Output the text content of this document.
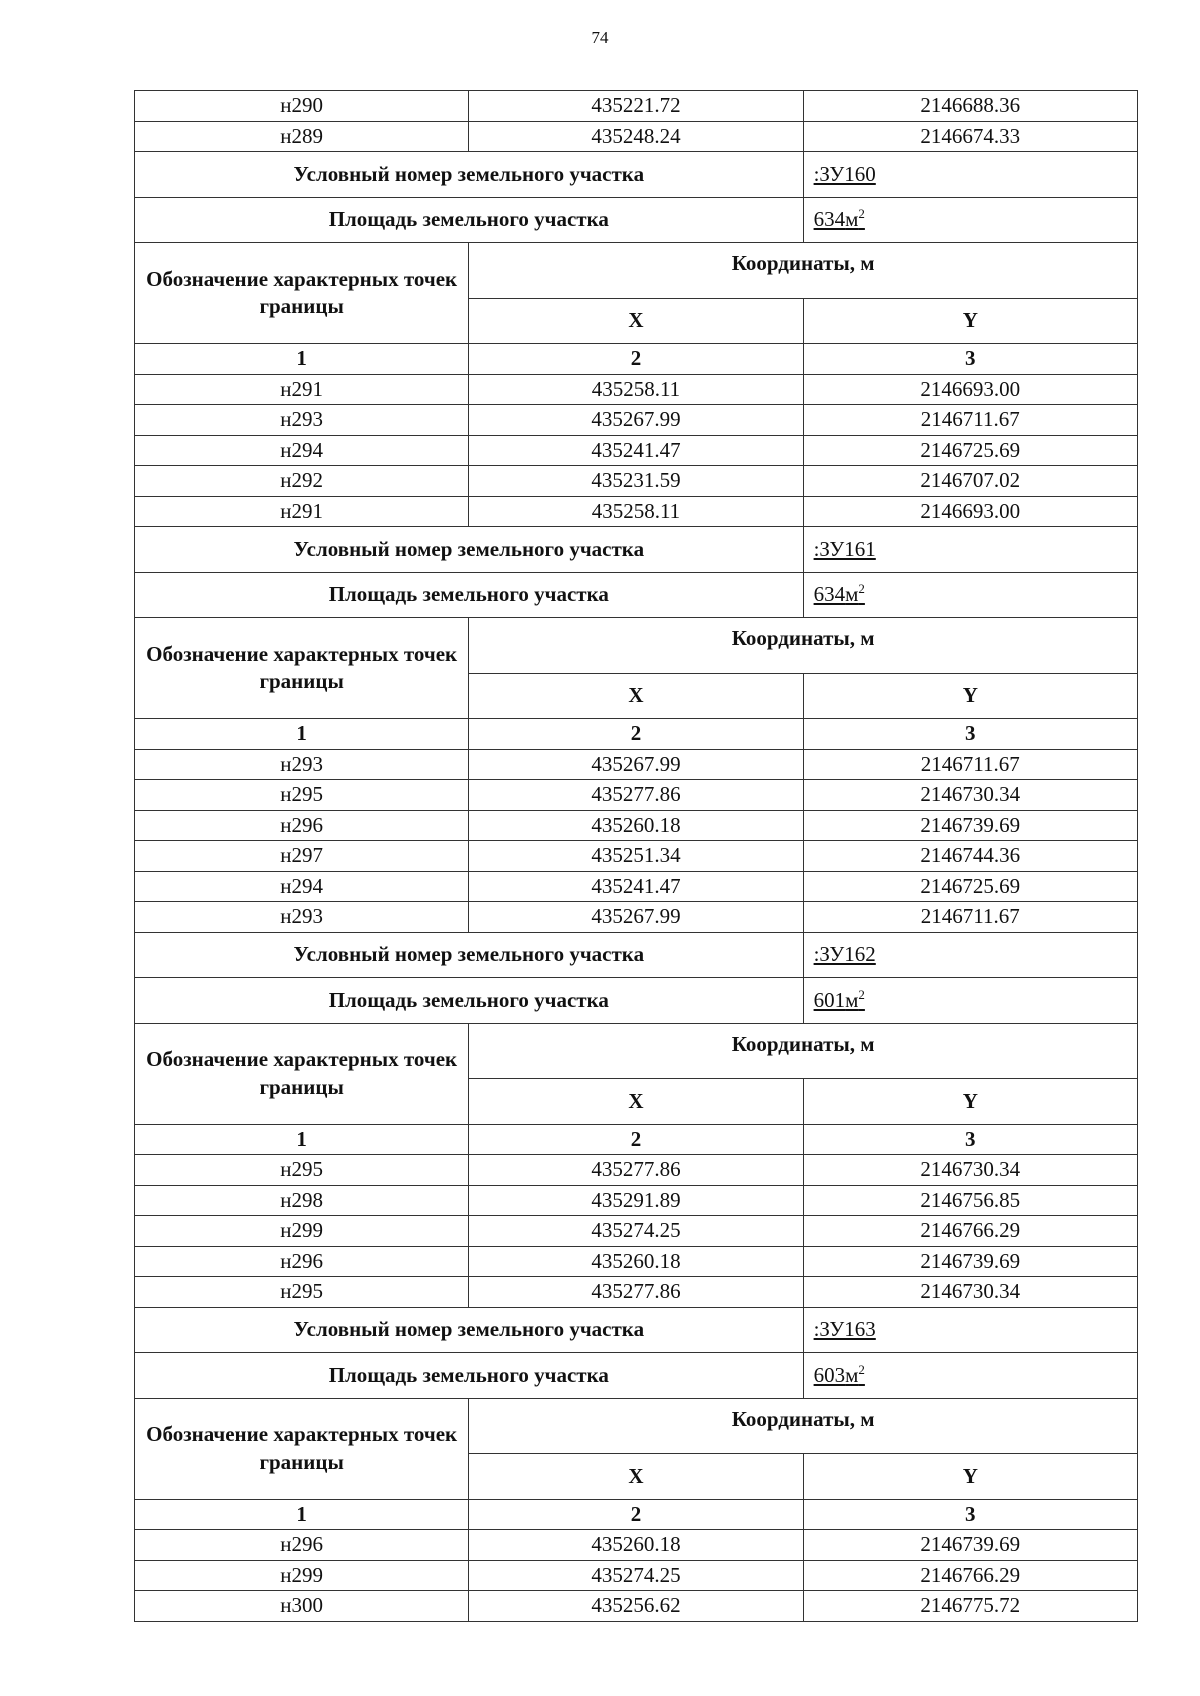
74
н290	435221.72	2146688.36
н289	435248.24	2146674.33
Условный номер земельного участка		:ЗУ160
Площадь земельного участка		$634м^2$
Обозначение характерных точек границы	Координаты, м	
	X	Y
1	2	3
н291	435258.11	2146693.00
н293	435267.99	2146711.67
н294	435241.47	2146725.69
н292	435231.59	2146707.02
н291	435258.11	2146693.00
Условный номер земельного участка		:ЗУ161
Площадь земельного участка		$634м^2$
Обозначение характерных точек границы	Координаты, м	
	X	Y
1	2	3
н293	435267.99	2146711.67
н295	435277.86	2146730.34
н296	435260.18	2146739.69
н297	435251.34	2146744.36
н294	435241.47	2146725.69
н293	435267.99	2146711.67
Условный номер земельного участка		:ЗУ162
Площадь земельного участка		$601м^2$
Обозначение характерных точек границы	Координаты, м	
	X	Y
1	2	3
н295	435277.86	2146730.34
н298	435291.89	2146756.85
н299	435274.25	2146766.29
н296	435260.18	2146739.69
н295	435277.86	2146730.34
Условный номер земельного участка		:ЗУ163
Площадь земельного участка		$603м^2$
Обозначение характерных точек границы	Координаты, м	
	X	Y
1	2	3
н296	435260.18	2146739.69
н299	435274.25	2146766.29
н300	435256.62	2146775.72
